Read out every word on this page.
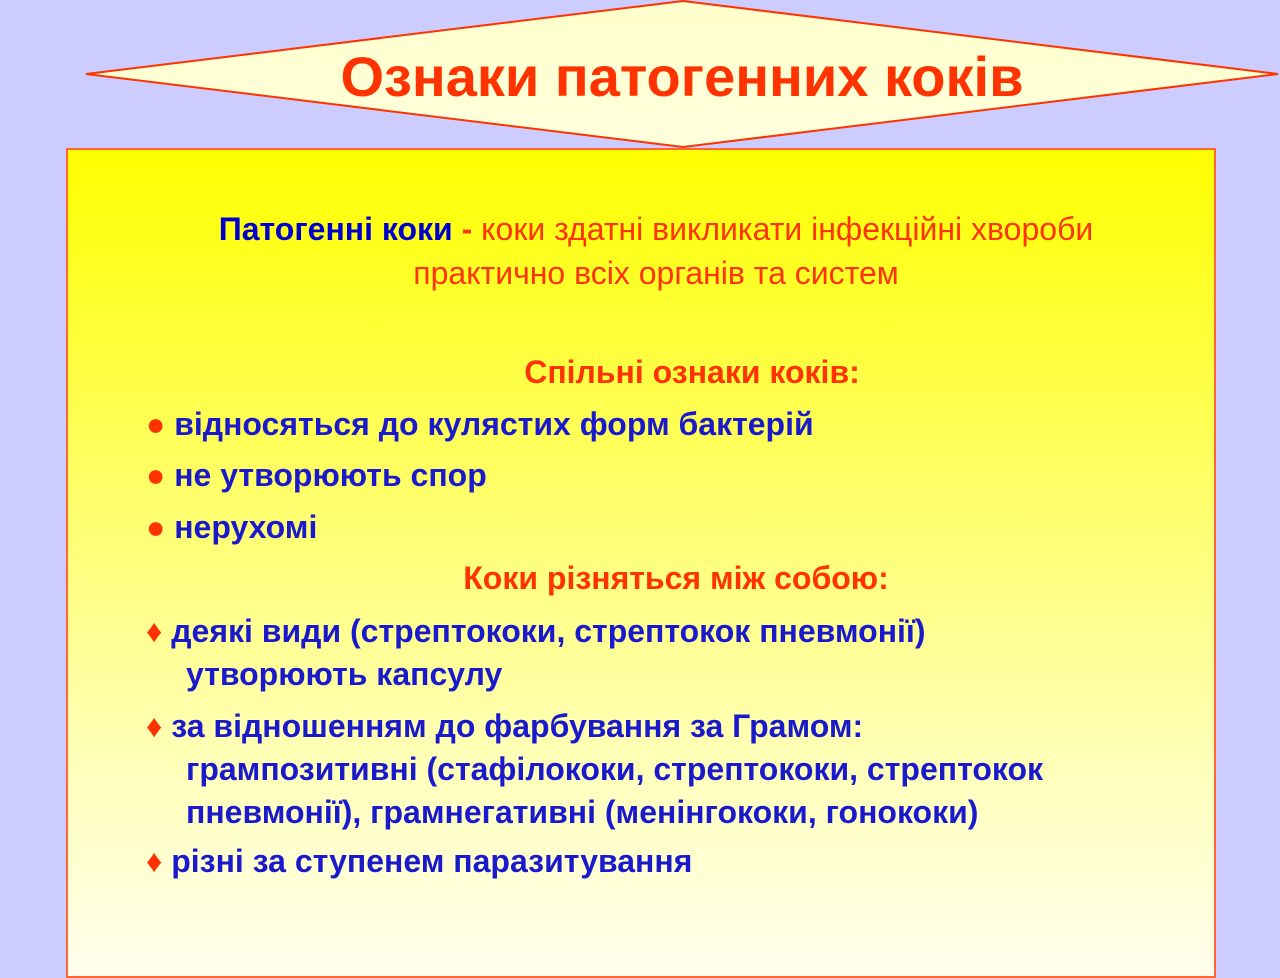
Ознаки патогенних коків

Патогенні коки - коки здатні викликати інфекційні хвороби практично всіх органів та систем

Спільні ознаки коків:

● відносяться до кулястих форм бактерій

● не утворюють спор

● нерухомі

Коки різняться між собою:

♦ деякі види (стрептококи, стрептокок пневмонії)
утворюють капсулу

♦ за відношенням до фарбування за Грамом:
грампозитивні (стафілококи, стрептококи, стрептокок
пневмонії), грамнегативні (менінгококи, гонококи)

♦ різні за ступенем паразитування
